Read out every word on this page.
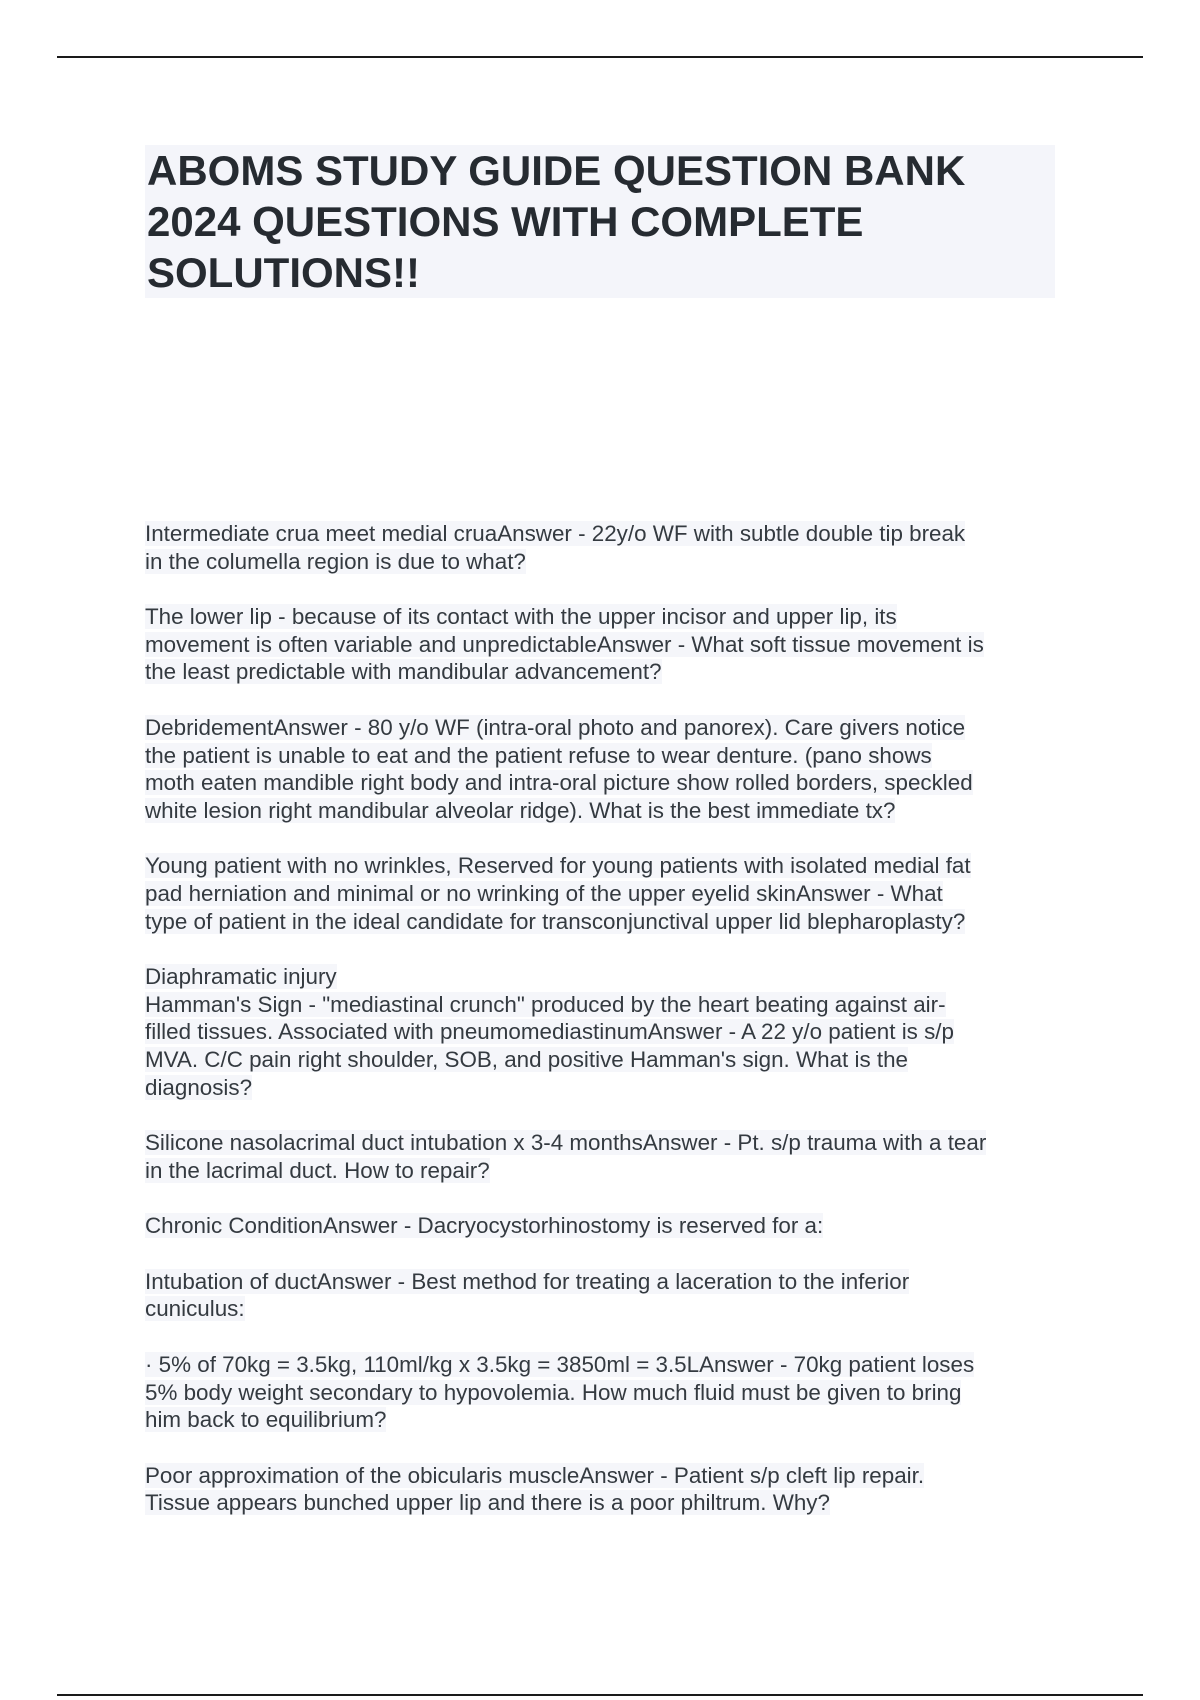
ABOMS STUDY GUIDE QUESTION BANK
2024 QUESTIONS WITH COMPLETE
SOLUTIONS!!

Intermediate crua meet medial cruaAnswer - 22y/o WF with subtle double tip break
in the columella region is due to what?

The lower lip - because of its contact with the upper incisor and upper lip, its
movement is often variable and unpredictableAnswer - What soft tissue movement is
the least predictable with mandibular advancement?

DebridementAnswer - 80 y/o WF (intra-oral photo and panorex). Care givers notice
the patient is unable to eat and the patient refuse to wear denture. (pano shows
moth eaten mandible right body and intra-oral picture show rolled borders, speckled
white lesion right mandibular alveolar ridge). What is the best immediate tx?

Young patient with no wrinkles, Reserved for young patients with isolated medial fat
pad herniation and minimal or no wrinking of the upper eyelid skinAnswer - What
type of patient in the ideal candidate for transconjunctival upper lid blepharoplasty?

Diaphramatic injury
Hamman's Sign - "mediastinal crunch" produced by the heart beating against air-
filled tissues. Associated with pneumomediastinumAnswer - A 22 y/o patient is s/p
MVA. C/C pain right shoulder, SOB, and positive Hamman's sign. What is the
diagnosis?

Silicone nasolacrimal duct intubation x 3-4 monthsAnswer - Pt. s/p trauma with a tear
in the lacrimal duct. How to repair?

Chronic ConditionAnswer - Dacryocystorhinostomy is reserved for a:

Intubation of ductAnswer - Best method for treating a laceration to the inferior
cuniculus:

· 5% of 70kg = 3.5kg, 110ml/kg x 3.5kg = 3850ml = 3.5LAnswer - 70kg patient loses
5% body weight secondary to hypovolemia. How much fluid must be given to bring
him back to equilibrium?

Poor approximation of the obicularis muscleAnswer - Patient s/p cleft lip repair.
Tissue appears bunched upper lip and there is a poor philtrum. Why?
